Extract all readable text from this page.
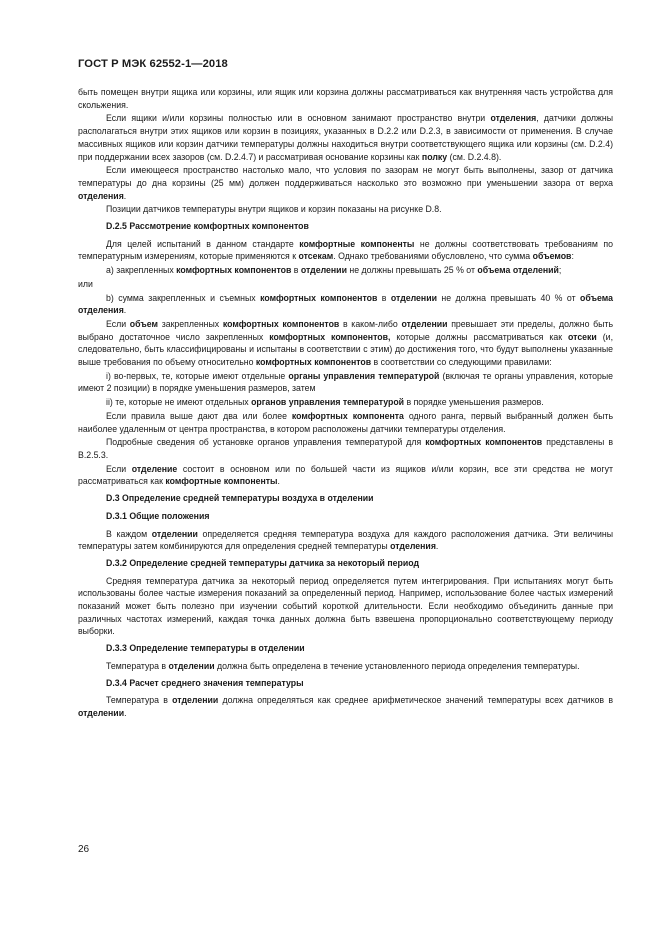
ГОСТ Р МЭК 62552-1—2018
быть помещен внутри ящика или корзины, или ящик или корзина должны рассматриваться как внутренняя часть устройства для скольжения.
Если ящики и/или корзины полностью или в основном занимают пространство внутри отделения, датчики должны располагаться внутри этих ящиков или корзин в позициях, указанных в D.2.2 или D.2.3, в зависимости от применения. В случае массивных ящиков или корзин датчики температуры должны находиться внутри соответствующего ящика или корзины (см. D.2.4) при поддержании всех зазоров (см. D.2.4.7) и рассматривая основание корзины как полку (см. D.2.4.8).
Если имеющееся пространство настолько мало, что условия по зазорам не могут быть выполнены, зазор от датчика температуры до дна корзины (25 мм) должен поддерживаться насколько это возможно при уменьшении зазора от верха отделения.
Позиции датчиков температуры внутри ящиков и корзин показаны на рисунке D.8.
D.2.5 Рассмотрение комфортных компонентов
Для целей испытаний в данном стандарте комфортные компоненты не должны соответствовать требованиям по температурным измерениям, которые применяются к отсекам. Однако требованиями обусловлено, что сумма объемов:
а) закрепленных комфортных компонентов в отделении не должны превышать 25 % от объема отделений;
или
b) сумма закрепленных и съемных комфортных компонентов в отделении не должна превышать 40 % от объема отделения.
Если объем закрепленных комфортных компонентов в каком-либо отделении превышает эти пределы, должно быть выбрано достаточное число закрепленных комфортных компонентов, которые должны рассматриваться как отсеки (и, следовательно, быть классифицированы и испытаны в соответствии с этим) до достижения того, что будут выполнены указанные выше требования по объему относительно комфортных компонентов в соответствии со следующими правилами:
i) во-первых, те, которые имеют отдельные органы управления температурой (включая те органы управления, которые имеют 2 позиции) в порядке уменьшения размеров, затем
ii) те, которые не имеют отдельных органов управления температурой в порядке уменьшения размеров.
Если правила выше дают два или более комфортных компонента одного ранга, первый выбранный должен быть наиболее удаленным от центра пространства, в котором расположены датчики температуры отделения.
Подробные сведения об установке органов управления температурой для комфортных компонентов представлены в B.2.5.3.
Если отделение состоит в основном или по большей части из ящиков и/или корзин, все эти средства не могут рассматриваться как комфортные компоненты.
D.3 Определение средней температуры воздуха в отделении
D.3.1 Общие положения
В каждом отделении определяется средняя температура воздуха для каждого расположения датчика. Эти величины температуры затем комбинируются для определения средней температуры отделения.
D.3.2 Определение средней температуры датчика за некоторый период
Средняя температура датчика за некоторый период определяется путем интегрирования. При испытаниях могут быть использованы более частые измерения показаний за определенный период. Например, использование более частых измерений показаний может быть полезно при изучении событий короткой длительности. Если необходимо объединить данные при различных частотах измерений, каждая точка данных должна быть взвешена пропорционально соответствующему периоду выборки.
D.3.3 Определение температуры в отделении
Температура в отделении должна быть определена в течение установленного периода определения температуры.
D.3.4 Расчет среднего значения температуры
Температура в отделении должна определяться как среднее арифметическое значений температуры всех датчиков в отделении.
26
